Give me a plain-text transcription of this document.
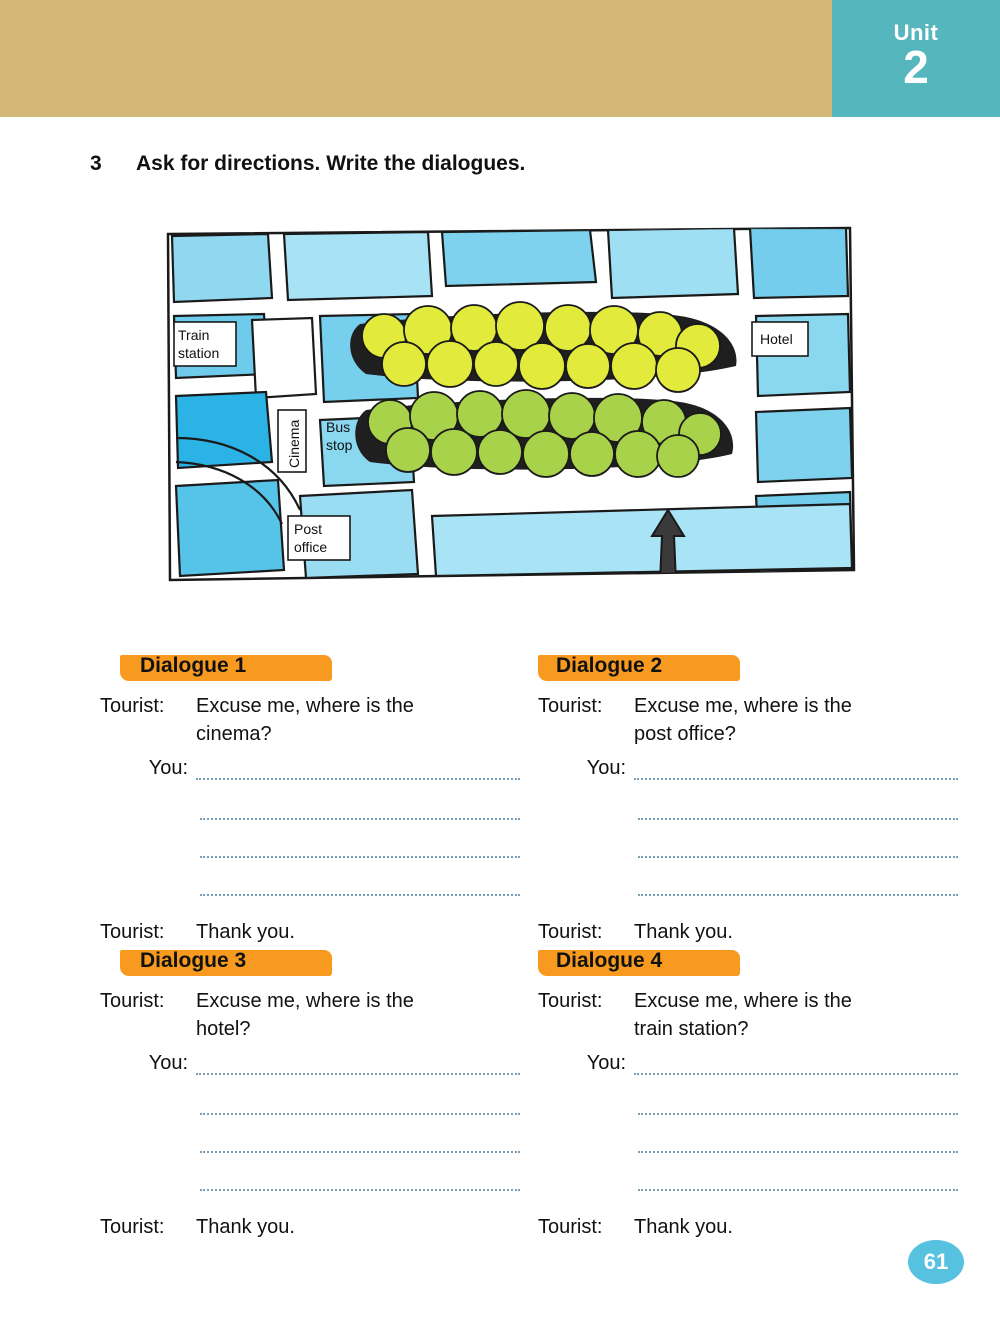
Unit
2
3 Ask for directions. Write the dialogues.
Train
station
Cinema Bus
stop
Post
office
Hotel
Dialogue 1
Tourist:	Excuse me, where is the
cinema?
You:
Tourist:	Thank you.
Dialogue 2
Tourist:	Excuse me, where is the
post office?
You:
Tourist:	Thank you.
Dialogue 3
Tourist:	Excuse me, where is the
hotel?
You:
Tourist:	Thank you.
Dialogue 4
Tourist:	Excuse me, where is the
train station?
You:
Tourist:	Thank you.
61
